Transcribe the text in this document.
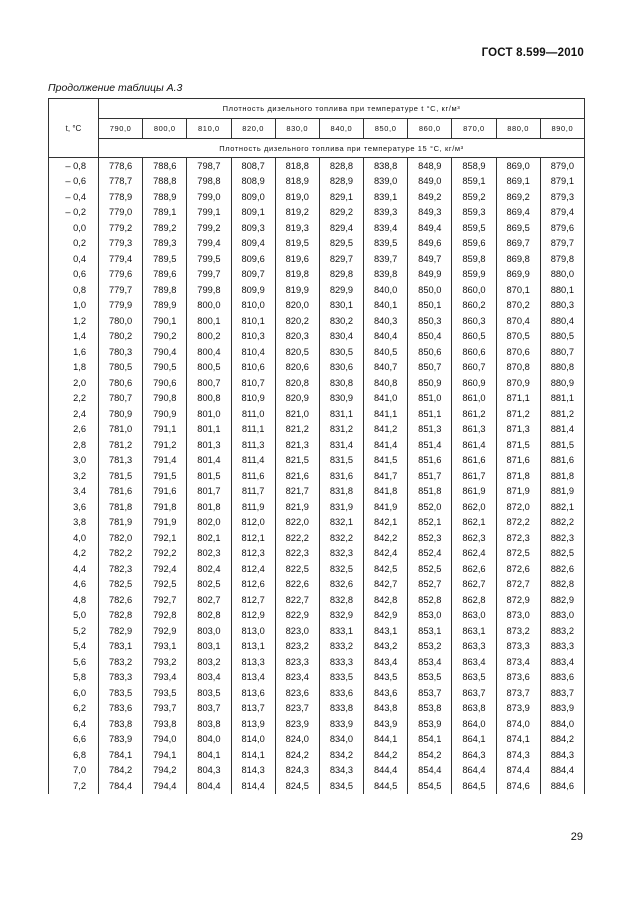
ГОСТ 8.599—2010
Продолжение таблицы А.3
t, °C	Плотность дизельного топлива при температуре t °C, кг/м³										
	790,0	800,0	810,0	820,0	830,0	840,0	850,0	860,0	870,0	880,0	890,0
	Плотность дизельного топлива при температуре 15 °C, кг/м³										
– 0,8	778,6	788,6	798,7	808,7	818,8	828,8	838,8	848,9	858,9	869,0	879,0
– 0,6	778,7	788,8	798,8	808,9	818,9	828,9	839,0	849,0	859,1	869,1	879,1
– 0,4	778,9	788,9	799,0	809,0	819,0	829,1	839,1	849,2	859,2	869,2	879,3
– 0,2	779,0	789,1	799,1	809,1	819,2	829,2	839,3	849,3	859,3	869,4	879,4
0,0	779,2	789,2	799,2	809,3	819,3	829,4	839,4	849,4	859,5	869,5	879,6
0,2	779,3	789,3	799,4	809,4	819,5	829,5	839,5	849,6	859,6	869,7	879,7
0,4	779,4	789,5	799,5	809,6	819,6	829,7	839,7	849,7	859,8	869,8	879,8
0,6	779,6	789,6	799,7	809,7	819,8	829,8	839,8	849,9	859,9	869,9	880,0
0,8	779,7	789,8	799,8	809,9	819,9	829,9	840,0	850,0	860,0	870,1	880,1
1,0	779,9	789,9	800,0	810,0	820,0	830,1	840,1	850,1	860,2	870,2	880,3
1,2	780,0	790,1	800,1	810,1	820,2	830,2	840,3	850,3	860,3	870,4	880,4
1,4	780,2	790,2	800,2	810,3	820,3	830,4	840,4	850,4	860,5	870,5	880,5
1,6	780,3	790,4	800,4	810,4	820,5	830,5	840,5	850,6	860,6	870,6	880,7
1,8	780,5	790,5	800,5	810,6	820,6	830,6	840,7	850,7	860,7	870,8	880,8
2,0	780,6	790,6	800,7	810,7	820,8	830,8	840,8	850,9	860,9	870,9	880,9
2,2	780,7	790,8	800,8	810,9	820,9	830,9	841,0	851,0	861,0	871,1	881,1
2,4	780,9	790,9	801,0	811,0	821,0	831,1	841,1	851,1	861,2	871,2	881,2
2,6	781,0	791,1	801,1	811,1	821,2	831,2	841,2	851,3	861,3	871,3	881,4
2,8	781,2	791,2	801,3	811,3	821,3	831,4	841,4	851,4	861,4	871,5	881,5
3,0	781,3	791,4	801,4	811,4	821,5	831,5	841,5	851,6	861,6	871,6	881,6
3,2	781,5	791,5	801,5	811,6	821,6	831,6	841,7	851,7	861,7	871,8	881,8
3,4	781,6	791,6	801,7	811,7	821,7	831,8	841,8	851,8	861,9	871,9	881,9
3,6	781,8	791,8	801,8	811,9	821,9	831,9	841,9	852,0	862,0	872,0	882,1
3,8	781,9	791,9	802,0	812,0	822,0	832,1	842,1	852,1	862,1	872,2	882,2
4,0	782,0	792,1	802,1	812,1	822,2	832,2	842,2	852,3	862,3	872,3	882,3
4,2	782,2	792,2	802,3	812,3	822,3	832,3	842,4	852,4	862,4	872,5	882,5
4,4	782,3	792,4	802,4	812,4	822,5	832,5	842,5	852,5	862,6	872,6	882,6
4,6	782,5	792,5	802,5	812,6	822,6	832,6	842,7	852,7	862,7	872,7	882,8
4,8	782,6	792,7	802,7	812,7	822,7	832,8	842,8	852,8	862,8	872,9	882,9
5,0	782,8	792,8	802,8	812,9	822,9	832,9	842,9	853,0	863,0	873,0	883,0
5,2	782,9	792,9	803,0	813,0	823,0	833,1	843,1	853,1	863,1	873,2	883,2
5,4	783,1	793,1	803,1	813,1	823,2	833,2	843,2	853,2	863,3	873,3	883,3
5,6	783,2	793,2	803,2	813,3	823,3	833,3	843,4	853,4	863,4	873,4	883,4
5,8	783,3	793,4	803,4	813,4	823,4	833,5	843,5	853,5	863,5	873,6	883,6
6,0	783,5	793,5	803,5	813,6	823,6	833,6	843,6	853,7	863,7	873,7	883,7
6,2	783,6	793,7	803,7	813,7	823,7	833,8	843,8	853,8	863,8	873,9	883,9
6,4	783,8	793,8	803,8	813,9	823,9	833,9	843,9	853,9	864,0	874,0	884,0
6,6	783,9	794,0	804,0	814,0	824,0	834,0	844,1	854,1	864,1	874,1	884,2
6,8	784,1	794,1	804,1	814,1	824,2	834,2	844,2	854,2	864,3	874,3	884,3
7,0	784,2	794,2	804,3	814,3	824,3	834,3	844,4	854,4	864,4	874,4	884,4
7,2	784,4	794,4	804,4	814,4	824,5	834,5	844,5	854,5	864,5	874,6	884,6
29
